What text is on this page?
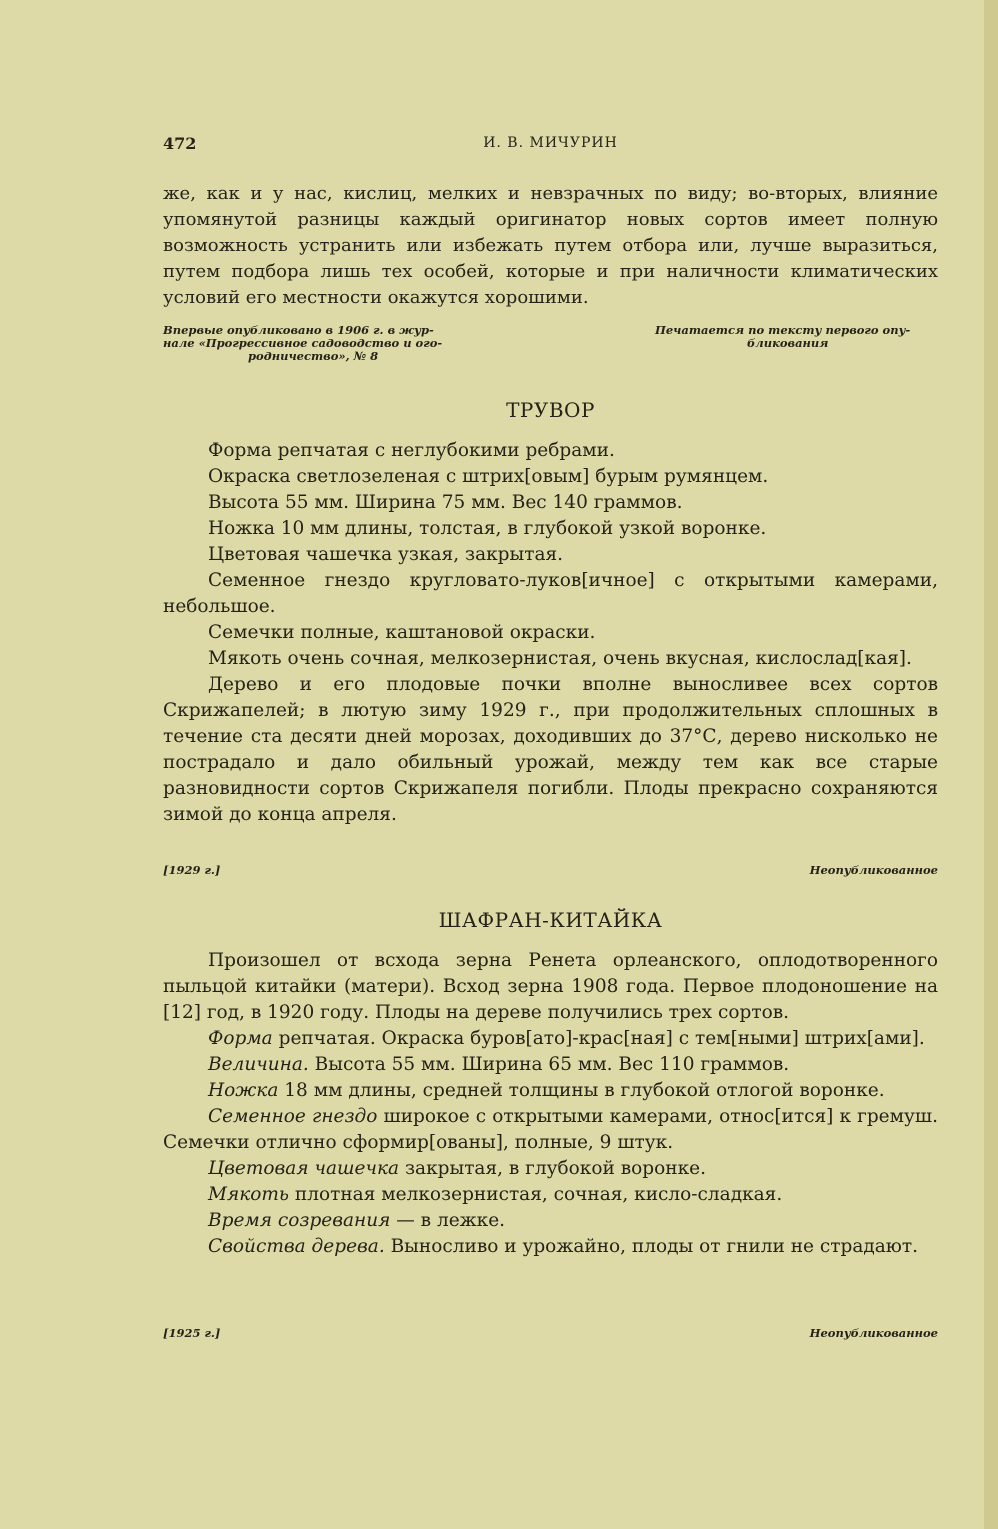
472	И. В. МИЧУРИН

же, как и у нас, кислиц, мелких и невзрачных по виду; во-вторых, влияние упомянутой разницы каждый оригинатор новых сортов имеет полную возможность устранить или избежать путем отбора или, лучше выразиться, путем подбора лишь тех особей, которые и при наличности климатических условий его местности окажутся хорошими.

Впервые опубликовано в 1906 г. в жур-
нале «Прогрессивное садоводство и ого-
родничество», № 8
Печатается по тексту первого опу-
бликования
ТРУВОР

Форма репчатая с неглубокими ребрами.

Окраска светлозеленая с штрих[овым] бурым румянцем.

Высота 55 мм. Ширина 75 мм. Вес 140 граммов.

Ножка 10 мм длины, толстая, в глубокой узкой воронке.

Цветовая чашечка узкая, закрытая.

Семенное гнездо кругловато-луков[ичное] с открытыми камерами, небольшое.

Семечки полные, каштановой окраски.

Мякоть очень сочная, мелкозернистая, очень вкусная, кислослад[кая].

Дерево и его плодовые почки вполне выносливее всех сортов Скрижапелей; в лютую зиму 1929 г., при продолжительных сплошных в течение ста десяти дней морозах, доходивших до 37°С, дерево нисколько не пострадало и дало обильный урожай, между тем как все старые разновидности сортов Скрижапеля погибли. Плоды прекрасно сохраняются зимой до конца апреля.

[1929 г.]	Неопубликованное
ШАФРАН-КИТАЙКА

Произошел от всхода зерна Ренета орлеанского, оплодотворенного пыльцой китайки (матери). Всход зерна 1908 года. Первое плодоношение на [12] год, в 1920 году. Плоды на дереве получились трех сортов.

Форма репчатая. Окраска буров[ато]-крас[ная] с тем[ными] штрих[ами].

Величина. Высота 55 мм. Ширина 65 мм. Вес 110 граммов.

Ножка 18 мм длины, средней толщины в глубокой отлогой воронке.

Семенное гнездо широкое с открытыми камерами, относ[ится] к гремуш. Семечки отлично сформир[ованы], полные, 9 штук.

Цветовая чашечка закрытая, в глубокой воронке.

Мякоть плотная мелкозернистая, сочная, кисло-сладкая.

Время созревания — в лежке.

Свойства дерева. Выносливо и урожайно, плоды от гнили не страдают.

[1925 г.]	Неопубликованное
